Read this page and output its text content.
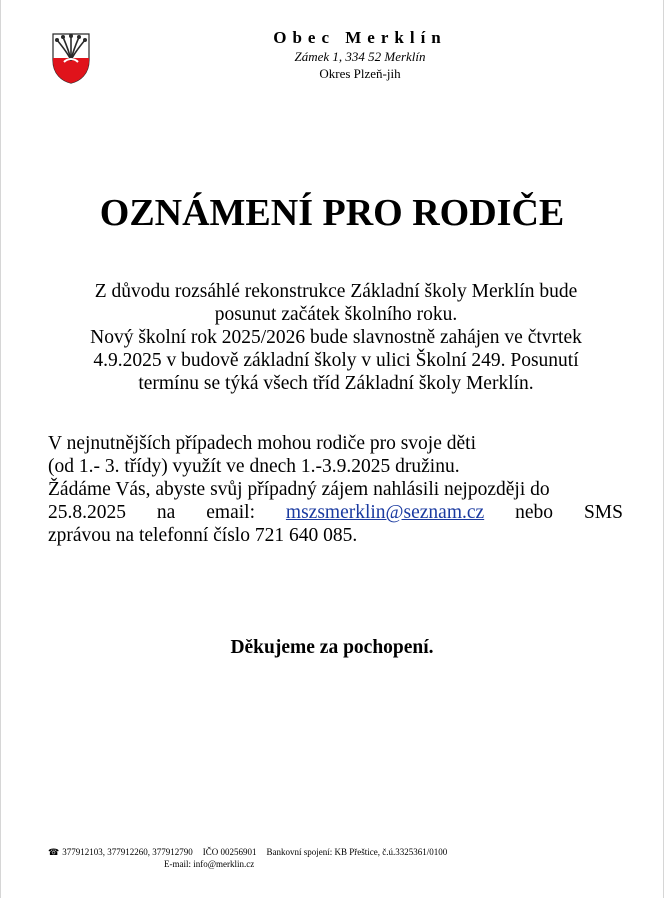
Obec Merklín
Zámek 1, 334 52 Merklín
Okres Plzeň-jih
OZNÁMENÍ PRO RODIČE

Z důvodu rozsáhlé rekonstrukce Základní školy Merklín bude
posunut začátek školního roku.
Nový školní rok 2025/2026 bude slavnostně zahájen ve čtvrtek
4.9.2025 v budově základní školy v ulici Školní 249. Posunutí
termínu se týká všech tříd Základní školy Merklín.

V nejnutnějších případech mohou rodiče pro svoje děti
(od 1.- 3. třídy) využít ve dnech 1.-3.9.2025 družinu.
Žádáme Vás, abyste svůj případný zájem nahlásili nejpozději do
25.8.2025 na email: mszsmerklin@seznam.cz nebo SMS
zprávou na telefonní číslo 721 640 085.

Děkujeme za pochopení.

☎ 377912103, 377912260, 377912790 IČO 00256901 Bankovní spojení: KB Přeštice, č.ú.3325361/0100
E-mail: info@merklin.cz
